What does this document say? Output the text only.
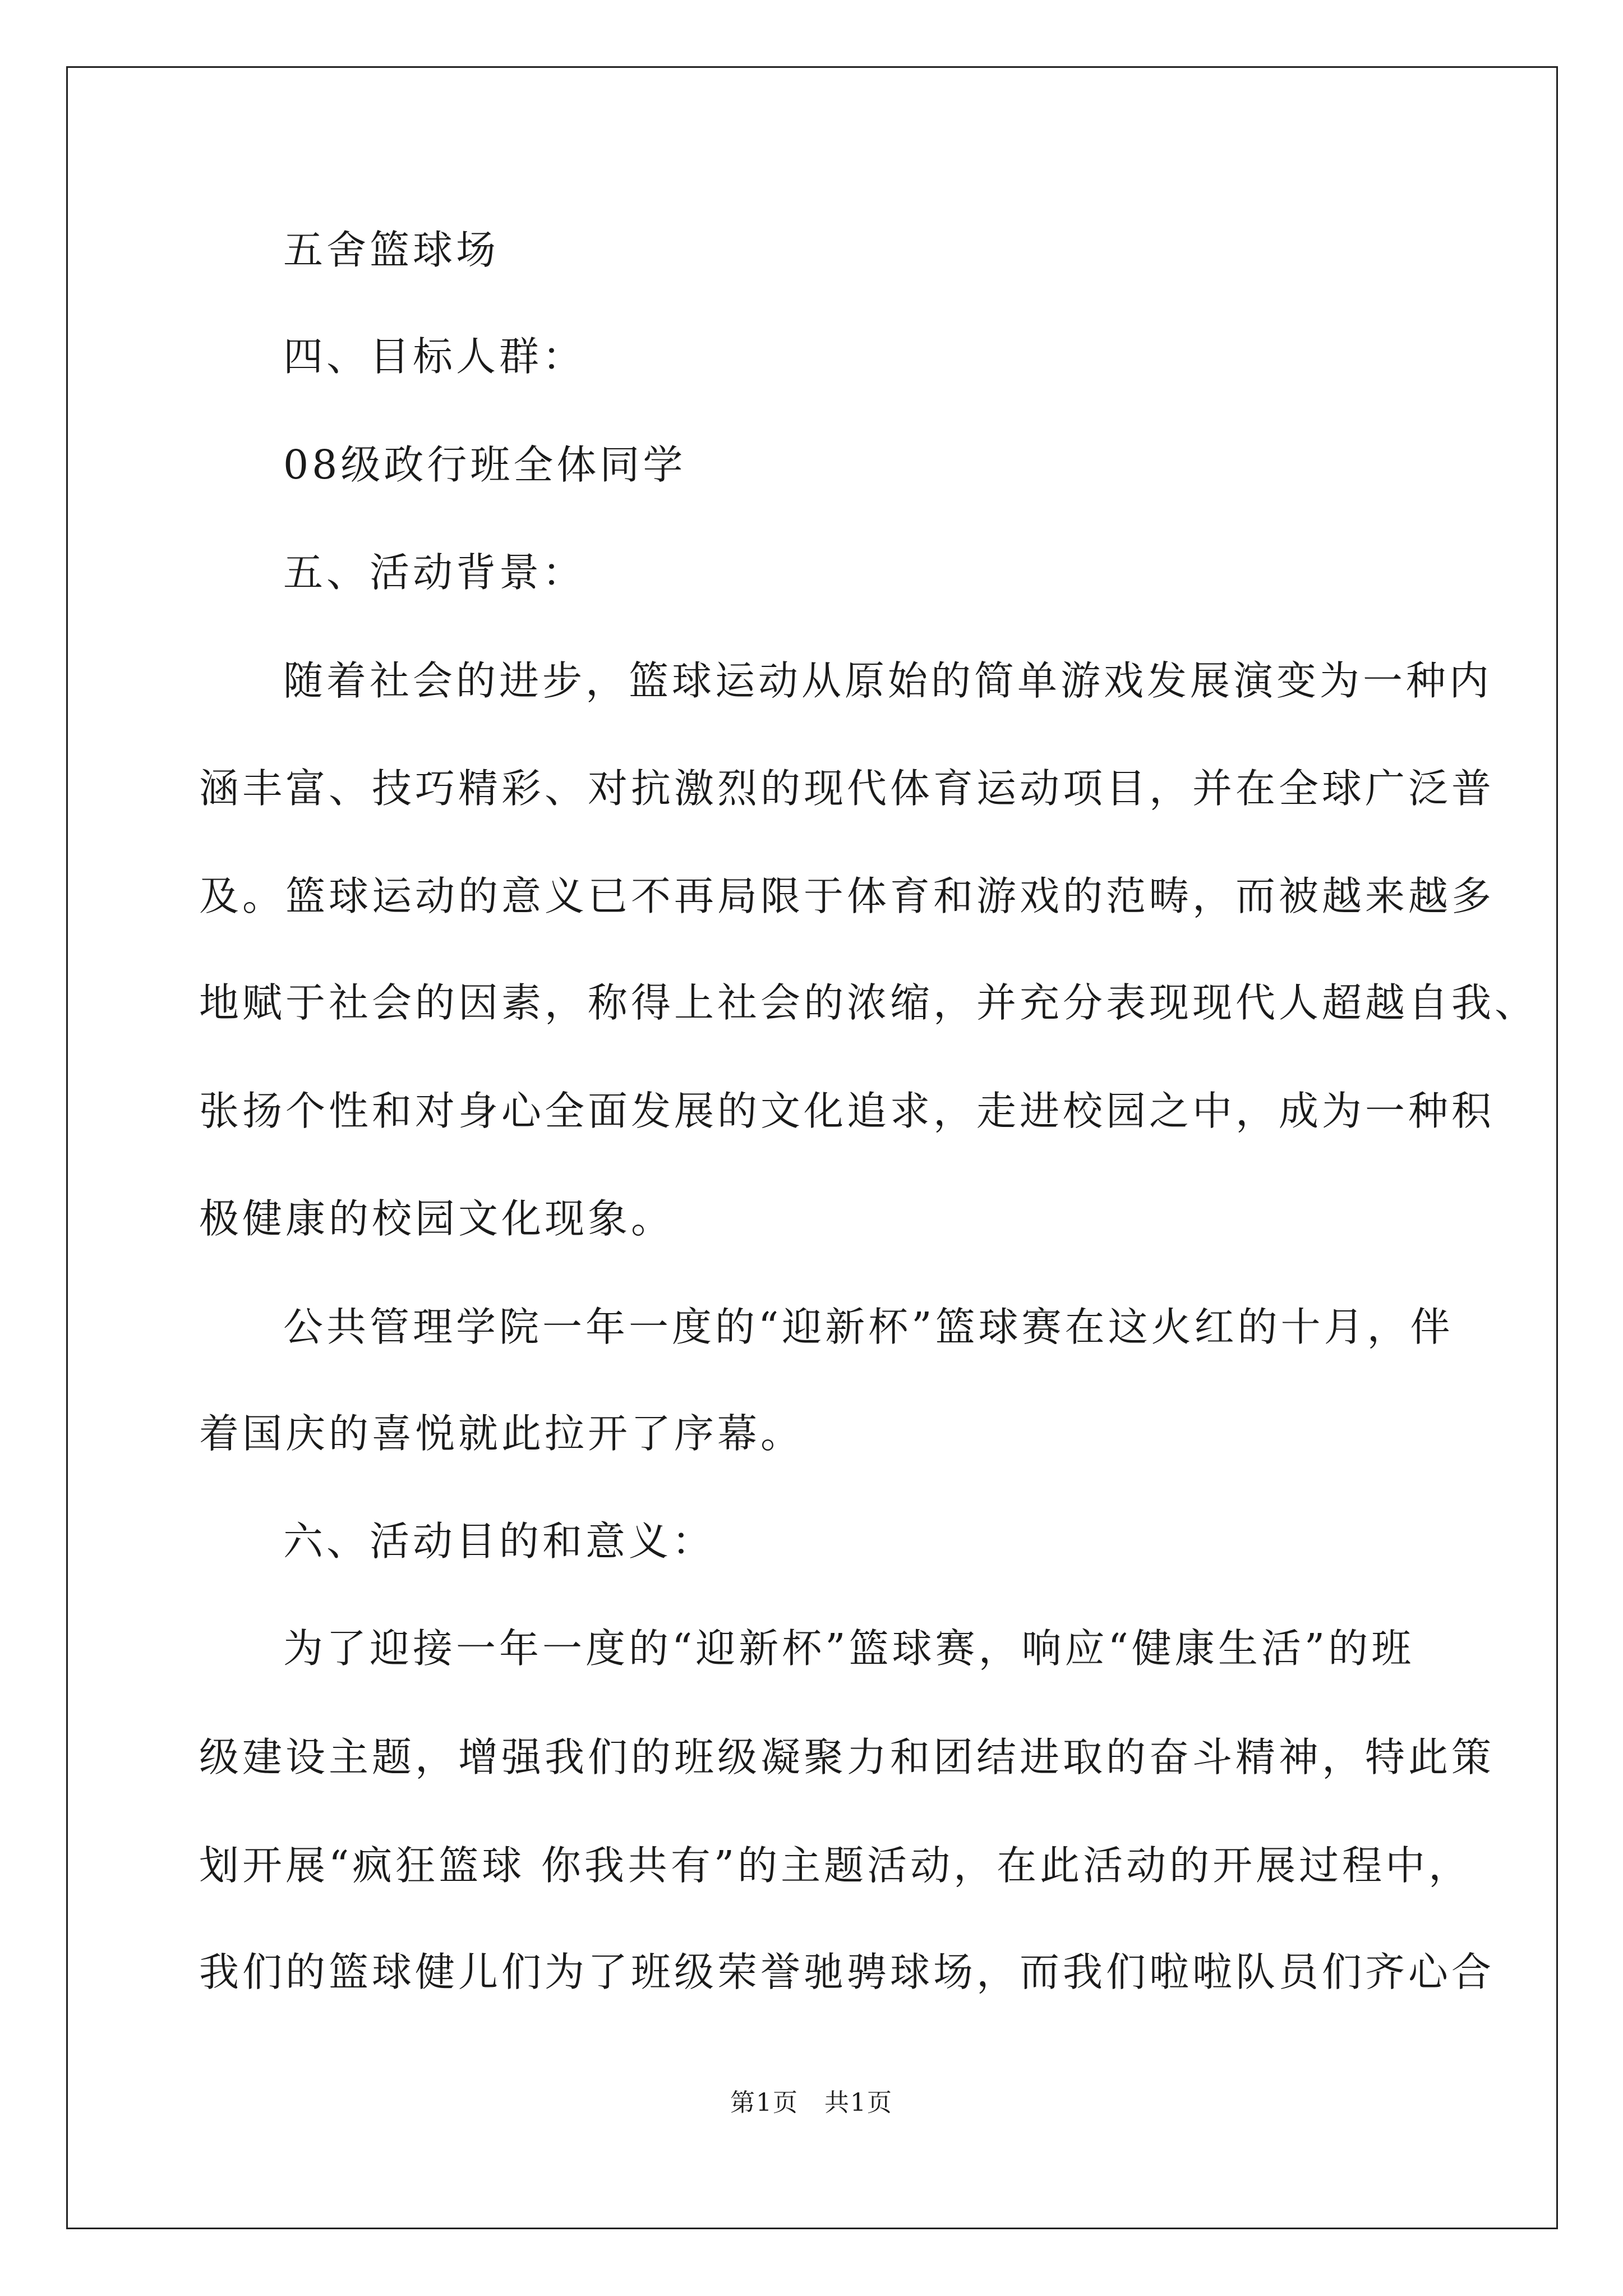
五舍篮球场
四、目标人群：
08级政行班全体同学
五、活动背景：
随着社会的进步，篮球运动从原始的简单游戏发展演变为一种内
涵丰富、技巧精彩、对抗激烈的现代体育运动项目，并在全球广泛普
及。篮球运动的意义已不再局限于体育和游戏的范畴，而被越来越多
地赋于社会的因素，称得上社会的浓缩，并充分表现现代人超越自我、
张扬个性和对身心全面发展的文化追求，走进校园之中，成为一种积
极健康的校园文化现象。
公共管理学院一年一度的“迎新杯”篮球赛在这火红的十月，伴
着国庆的喜悦就此拉开了序幕。
六、活动目的和意义：
为了迎接一年一度的“迎新杯”篮球赛，响应“健康生活”的班
级建设主题，增强我们的班级凝聚力和团结进取的奋斗精神，特此策
划开展“疯狂篮球 你我共有”的主题活动，在此活动的开展过程中，
我们的篮球健儿们为了班级荣誉驰骋球场，而我们啦啦队员们齐心合
第1页　共1页
